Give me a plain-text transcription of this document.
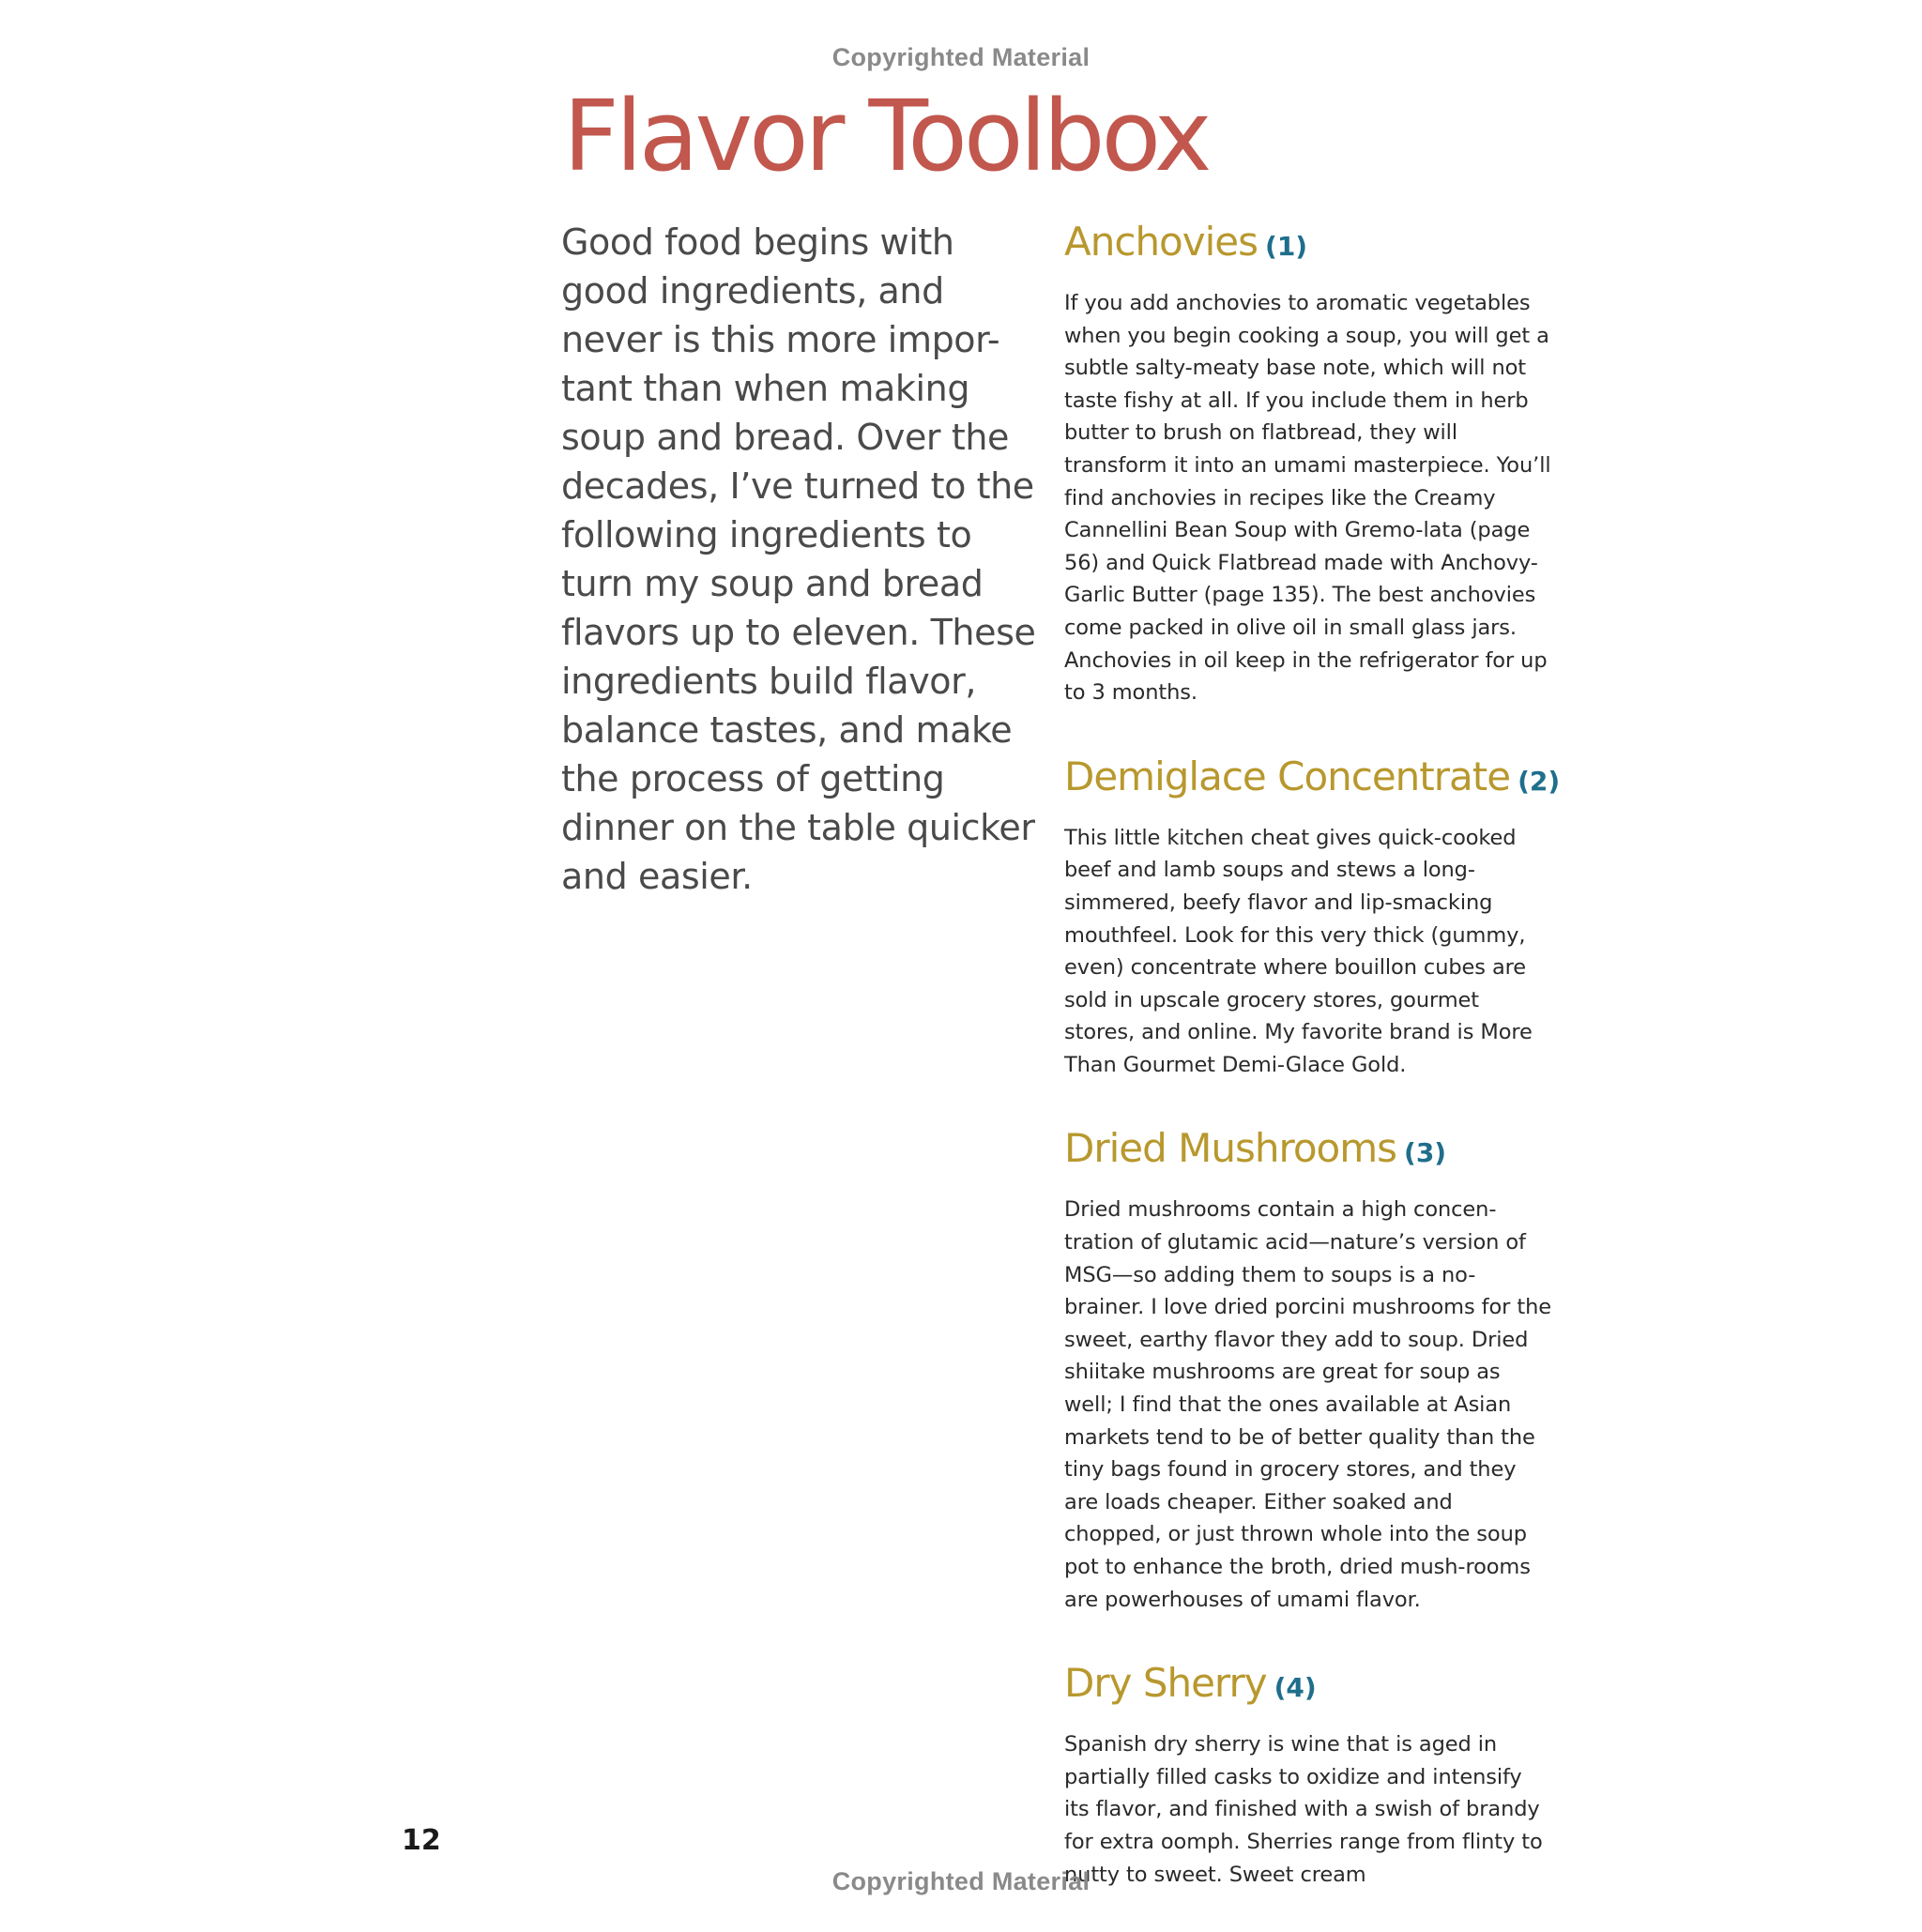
Copyrighted Material
Flavor Toolbox

Good food begins with good ingredients, and never is this more impor-tant than when making soup and bread. Over the decades, I’ve turned to the following ingredients to turn my soup and bread flavors up to eleven. These ingredients build flavor, balance tastes, and make the process of getting dinner on the table quicker and easier.

Anchovies (1)

If you add anchovies to aromatic vegetables when you begin cooking a soup, you will get a subtle salty-meaty base note, which will not taste fishy at all. If you include them in herb butter to brush on flatbread, they will transform it into an umami masterpiece. You’ll find anchovies in recipes like the Creamy Cannellini Bean Soup with Gremo-lata (page 56) and Quick Flatbread made with Anchovy-Garlic Butter (page 135). The best anchovies come packed in olive oil in small glass jars. Anchovies in oil keep in the refrigerator for up to 3 months.

Demiglace Concentrate (2)

This little kitchen cheat gives quick-cooked beef and lamb soups and stews a long-simmered, beefy flavor and lip-smacking mouthfeel. Look for this very thick (gummy, even) concentrate where bouillon cubes are sold in upscale grocery stores, gourmet stores, and online. My favorite brand is More Than Gourmet Demi-Glace Gold.

Dried Mushrooms (3)

Dried mushrooms contain a high concen-tration of glutamic acid—nature’s version of MSG—so adding them to soups is a no-brainer. I love dried porcini mushrooms for the sweet, earthy flavor they add to soup. Dried shiitake mushrooms are great for soup as well; I find that the ones available at Asian markets tend to be of better quality than the tiny bags found in grocery stores, and they are loads cheaper. Either soaked and chopped, or just thrown whole into the soup pot to enhance the broth, dried mush-rooms are powerhouses of umami flavor.

Dry Sherry (4)

Spanish dry sherry is wine that is aged in partially filled casks to oxidize and intensify its flavor, and finished with a swish of brandy for extra oomph. Sherries range from flinty to nutty to sweet. Sweet cream

12
Copyrighted Material
